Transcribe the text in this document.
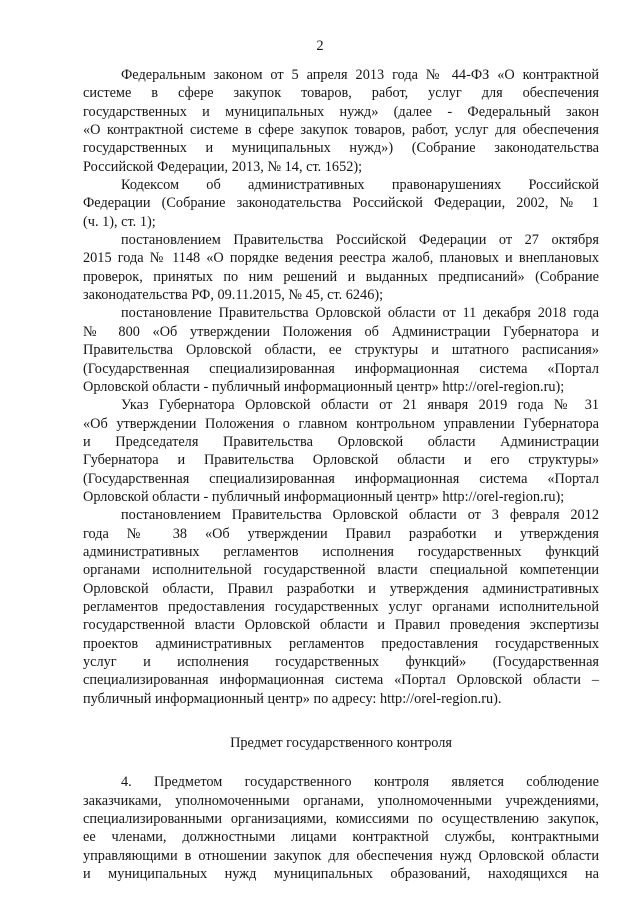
2
Федеральным законом от 5 апреля 2013 года № 44-ФЗ «О контрактной
системе в сфере закупок товаров, работ, услуг для обеспечения
государственных и муниципальных нужд» (далее - Федеральный закон
«О контрактной системе в сфере закупок товаров, работ, услуг для обеспечения
государственных и муниципальных нужд») (Собрание законодательства
Российской Федерации, 2013, № 14, ст. 1652);
Кодексом об административных правонарушениях Российской
Федерации (Собрание законодательства Российской Федерации, 2002, № 1
(ч. 1), ст. 1);
постановлением Правительства Российской Федерации от 27 октября
2015 года № 1148 «О порядке ведения реестра жалоб, плановых и внеплановых
проверок, принятых по ним решений и выданных предписаний» (Собрание
законодательства РФ, 09.11.2015, № 45, ст. 6246);
постановление Правительства Орловской области от 11 декабря 2018 года
№ 800 «Об утверждении Положения об Администрации Губернатора и
Правительства Орловской области, ее структуры и штатного расписания»
(Государственная специализированная информационная система «Портал
Орловской области - публичный информационный центр» http://orel-region.ru);
Указ Губернатора Орловской области от 21 января 2019 года № 31
«Об утверждении Положения о главном контрольном управлении Губернатора
и Председателя Правительства Орловской области Администрации
Губернатора и Правительства Орловской области и его структуры»
(Государственная специализированная информационная система «Портал
Орловской области - публичный информационный центр» http://orel-region.ru);
постановлением Правительства Орловской области от 3 февраля 2012
года № 38 «Об утверждении Правил разработки и утверждения
административных регламентов исполнения государственных функций
органами исполнительной государственной власти специальной компетенции
Орловской области, Правил разработки и утверждения административных
регламентов предоставления государственных услуг органами исполнительной
государственной власти Орловской области и Правил проведения экспертизы
проектов административных регламентов предоставления государственных
услуг и исполнения государственных функций» (Государственная
специализированная информационная система «Портал Орловской области –
публичный информационный центр» по адресу: http://orel-region.ru).
Предмет государственного контроля
4. Предметом государственного контроля является соблюдение
заказчиками, уполномоченными органами, уполномоченными учреждениями,
специализированными организациями, комиссиями по осуществлению закупок,
ее членами, должностными лицами контрактной службы, контрактными
управляющими в отношении закупок для обеспечения нужд Орловской области
и муниципальных нужд муниципальных образований, находящихся на
